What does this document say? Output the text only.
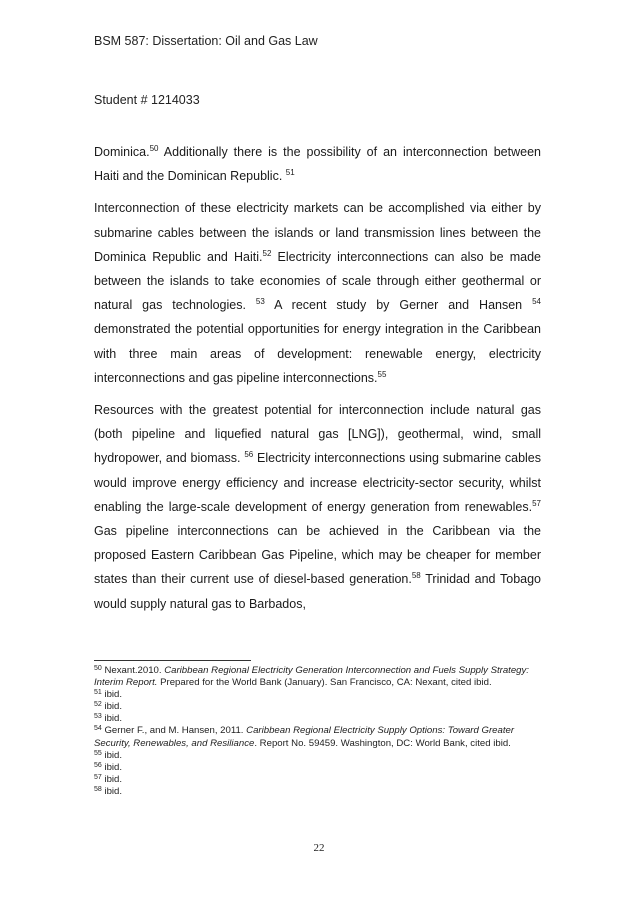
BSM 587: Dissertation: Oil and Gas Law
Student # 1214033

Dominica.$^{50}$ Additionally there is the possibility of an interconnection between Haiti and the Dominican Republic. $^{51}$

Interconnection of these electricity markets can be accomplished via either by submarine cables between the islands or land transmission lines between the Dominica Republic and Haiti.$^{52}$ Electricity interconnections can also be made between the islands to take economies of scale through either geothermal or natural gas technologies. $^{53}$ A recent study by Gerner and Hansen $^{54}$ demonstrated the potential opportunities for energy integration in the Caribbean with three main areas of development: renewable energy, electricity interconnections and gas pipeline interconnections.$^{55}$

Resources with the greatest potential for interconnection include natural gas (both pipeline and liquefied natural gas [LNG]), geothermal, wind, small hydropower, and biomass. $^{56}$ Electricity interconnections using submarine cables would improve energy efficiency and increase electricity-sector security, whilst enabling the large-scale development of energy generation from renewables.$^{57}$ Gas pipeline interconnections can be achieved in the Caribbean via the proposed Eastern Caribbean Gas Pipeline, which may be cheaper for member states than their current use of diesel-based generation.$^{58}$ Trinidad and Tobago would supply natural gas to Barbados,

$^{50}$ Nexant.2010. Caribbean Regional Electricity Generation Interconnection and Fuels Supply Strategy: Interim Report. Prepared for the World Bank (January). San Francisco, CA: Nexant, cited ibid.
$^{51}$ ibid.
$^{52}$ ibid.
$^{53}$ ibid.
$^{54}$ Gerner F., and M. Hansen, 2011. Caribbean Regional Electricity Supply Options: Toward Greater Security, Renewables, and Resiliance. Report No. 59459. Washington, DC: World Bank, cited ibid.
$^{55}$ ibid.
$^{56}$ ibid.
$^{57}$ ibid.
$^{58}$ ibid.
22
